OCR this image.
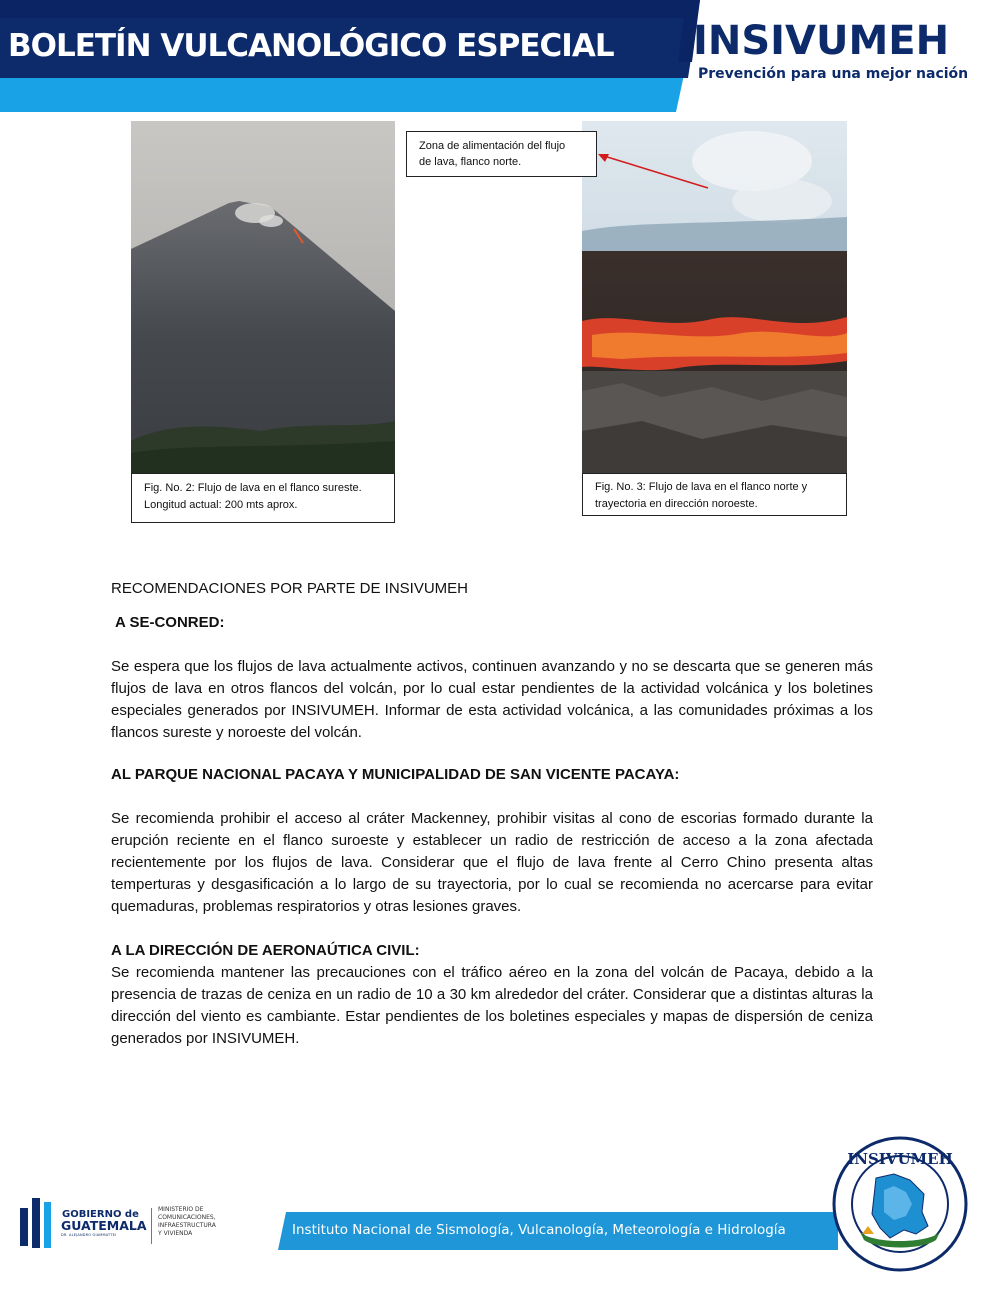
BOLETÍN VULCANOLÓGICO ESPECIAL INSIVUMEH
Prevención para una mejor nación
Fig. No. 2: Flujo de lava en el flanco sureste.
Longitud actual: 200 mts aprox.
Fig. No. 3: Flujo de lava en el flanco norte y
trayectoria en dirección noroeste.
Zona de alimentación del flujo
de lava, flanco norte.
RECOMENDACIONES POR PARTE DE INSIVUMEH
A SE-CONRED:
Se espera que los flujos de lava actualmente activos, continuen avanzando y no se descarta que se generen más flujos de lava en otros flancos del volcán, por lo cual estar pendientes de la actividad volcánica y los boletines especiales generados por INSIVUMEH. Informar de esta actividad volcánica, a las comunidades próximas a los flancos sureste y noroeste del volcán.
AL PARQUE NACIONAL PACAYA Y MUNICIPALIDAD DE SAN VICENTE PACAYA:
Se recomienda prohibir el acceso al cráter Mackenney, prohibir visitas al cono de escorias formado durante la erupción reciente en el flanco suroeste y establecer un radio de restricción de acceso a la zona afectada recientemente por los flujos de lava. Considerar que el flujo de lava frente al Cerro Chino presenta altas temperturas y desgasificación a lo largo de su trayectoria, por lo cual se recomienda no acercarse para evitar quemaduras, problemas respiratorios y otras lesiones graves.
A LA DIRECCIÓN DE AERONAÚTICA CIVIL:
Se recomienda mantener las precauciones con el tráfico aéreo en la zona del volcán de Pacaya, debido a la presencia de trazas de ceniza en un radio de 10 a 30 km alrededor del cráter. Considerar que a distintas alturas la dirección del viento es cambiante. Estar pendientes de los boletines especiales y mapas de dispersión de ceniza generados por INSIVUMEH.
GOBIERNO de
GUATEMALA
DR. ALEJANDRO GIAMMATTEI
MINISTERIO DE
COMUNICACIONES,
INFRAESTRUCTURA
Y VIVIENDA	Instituto Nacional de Sismología, Vulcanología, Meteorología e Hidrología
INSIVUMEH
